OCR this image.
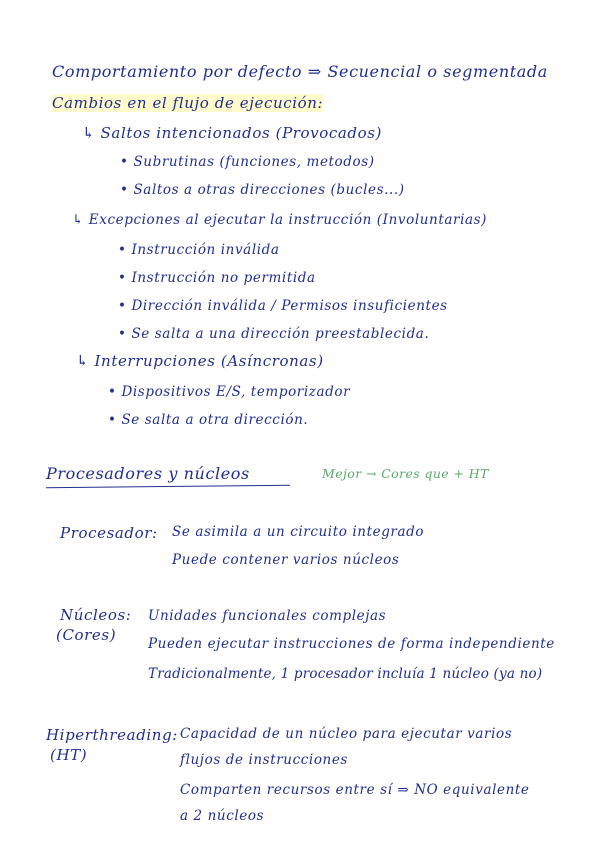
Comportamiento por defecto ⇒ Secuencial o segmentada
Cambios en el flujo de ejecución:
↳ Saltos intencionados (Provocados)
• Subrutinas (funciones, metodos)
• Saltos a otras direcciones (bucles...)
↳ Excepciones al ejecutar la instrucción (Involuntarias)
• Instrucción inválida
• Instrucción no permitida
• Dirección inválida / Permisos insuficientes
• Se salta a una dirección preestablecida.
↳ Interrupciones (Asíncronas)
• Dispositivos E/S, temporizador
• Se salta a otra dirección.
Procesadores y núcleos	Mejor → Cores que + HT
Procesador: Se asimila a un circuito integrado
Puede contener varios núcleos
Núcleos:
(Cores)
Unidades funcionales complejas
Pueden ejecutar instrucciones de forma independiente
Tradicionalmente, 1 procesador incluía 1 núcleo (ya no)
Hiperthreading:
(HT)
Capacidad de un núcleo para ejecutar varios
flujos de instrucciones
Comparten recursos entre sí ⇒ NO equivalente
a 2 núcleos
